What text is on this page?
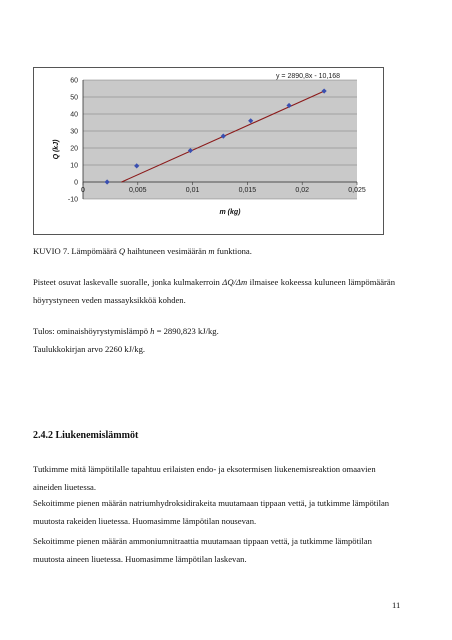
-10
0
10
20
30
40
50
60
0	0,005	0,01	0,015	0,02	0,025
y = 2890,8x - 10,168
m (kg)
Q (kJ)

KUVIO 7. Lämpömäärä Q haihtuneen vesimäärän m funktiona.

Pisteet osuvat laskevalle suoralle, jonka kulmakerroin ΔQ/Δm ilmaisee kokeessa kuluneen lämpömäärän höyrystyneen veden massayksikköä kohden.

Tulos: ominaishöyrystymislämpö h = 2890,823 kJ/kg.

Taulukkokirjan arvo 2260 kJ/kg.

2.4.2 Liukenemislämmöt

Tutkimme mitä lämpötilalle tapahtuu erilaisten endo- ja eksotermisen liukenemisreaktion omaavien aineiden liuetessa.

Sekoitimme pienen määrän natriumhydroksidirakeita muutamaan tippaan vettä, ja tutkimme lämpötilan muutosta rakeiden liuetessa. Huomasimme lämpötilan nousevan.

Sekoitimme pienen määrän ammoniumnitraattia muutamaan tippaan vettä, ja tutkimme lämpötilan muutosta aineen liuetessa. Huomasimme lämpötilan laskevan.

11
